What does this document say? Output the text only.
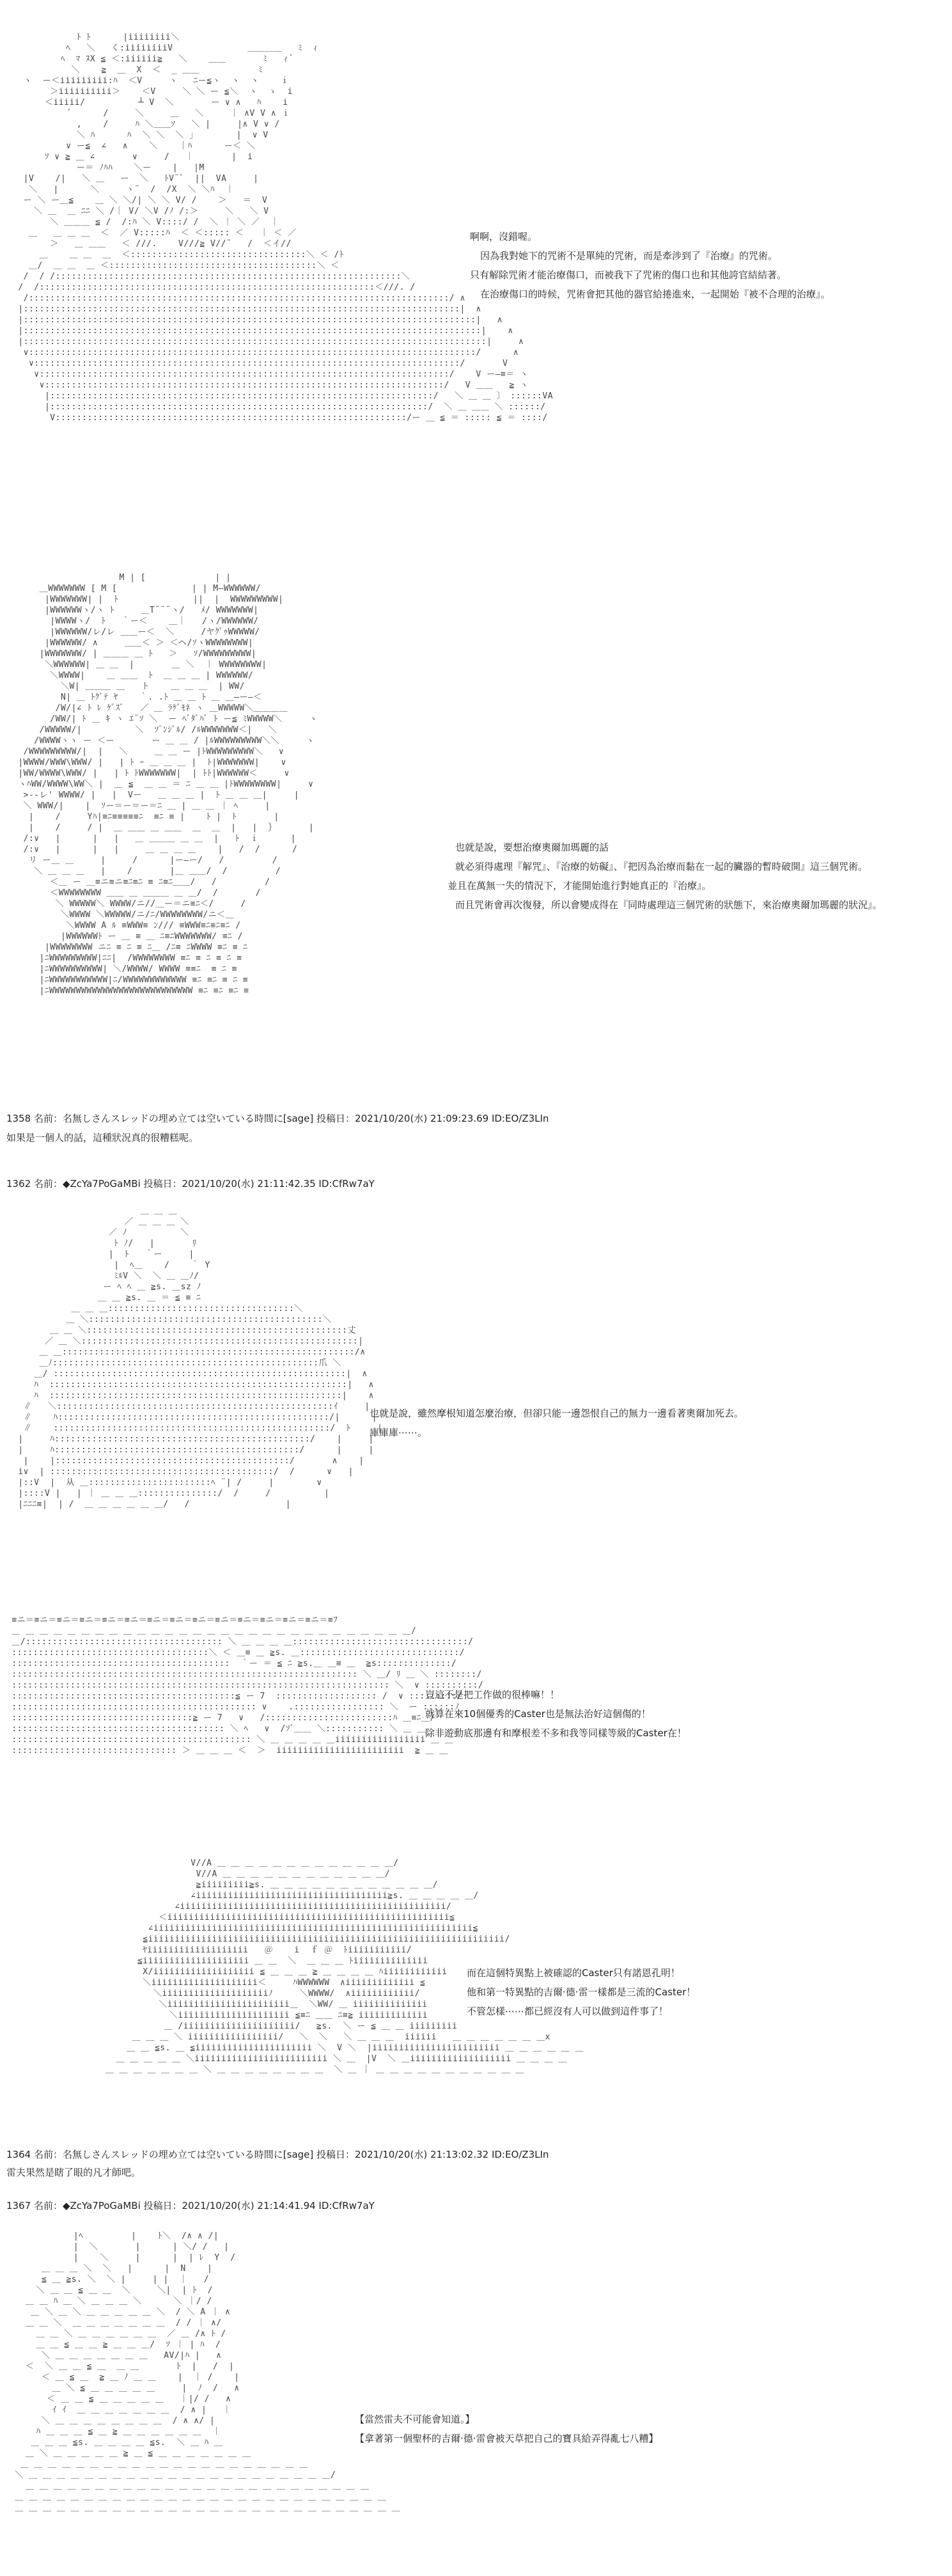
ﾄ ﾄ      |iiiiiiii＼
ﾍ   ＼   く:iiiiiiiiV              ＿＿＿＿   ﾐ  ｨ
ﾍ  ﾏ ﾇX ≦ ＜:iiiiii≧   ＼    ＿＿       ﾐ   ｨ´
＼    ≧  ＿  X  ＜  _ ＿＿           ﾐ
ヽ  ー＜iiiiiiiii:ﾊ  ＜V     ヽ   ﾆー≦ヽ  ヽ  ヽ    ｉ
＞iiiiiiiiii＞    ＜V     ＼ ＼ ー ≦＼  ヽ  ゝ  i
＜iiiii/          ┴ V  ＼       ー ∨ ∧   ﾊ    i
´      /     ＼     ＿   ＼     ｜ ∧V V ∧ ｉ
,    /     ﾊ ＼＿＿ｿ   ＼ |     |∧ V ∨ /
＼ ﾊ      ﾊ  ＼ ＼  ＼ ｣        |  ∨ V
∨ ー≦  ∠   ∧    ＼    ｜ﾊ      ー＜ ＼
ｿ ∨ ≧ ＿ ∠       ∨     /   ｜       |  i
ー＝ ﾉﾊﾊ    ＼ー    |   |M
|V    /|   ＼ ＿   ー  ＼   ﾄV¨ﾞ  ||  VA     |
＼   |      ＼     ヽ¨  /  /X  ＼ ＼ﾊ  ｜
ー ＼ ー＿≦    ＿ ＼ ＼/| ＼ ＼ V/ /    ＞   ＝  V
＼ ＿  ＿ ﾆﾆ ＼ /｜ V/ ＼V /ﾉ /:＞     ＼   ＼ V
＼ ＿＿＿ ≦ /  /:ﾊ ＼ V::::/ /  ＼ ｜ ＼ ／  ｜
＿   ＿ ＿ ＿  ＜  ／ V:::::ﾊ  ＜ ＜::::: ＜   ｜ ＜ ／
＞   ＿ ＿＿   ＜ ///.    V///≧ V//¨   /  ＜イ//
＿    ＿ ＿  ＿  ＜:::::::::::::::::::::::::::::::::＼ ＜ /ﾄ
＿/  ＿ ＿  ＿ ＜:::::::::::::::::::::::::::::::::::::::＼ ＜
/  / /:::::::::::::::::::::::::::::::::::::::::::::::::::::::::::::::::＼
/  /:::::::::::::::::::::::::::::::::::::::::::::::::::::::::::::::＜///. /
/:::::::::::::::::::::::::::::::::::::::::::::::::::::::::::::::::::::::::::::::/ ∧
|::::::::::::::::::::::::::::::::::::::::::::::::::::::::::::::::::::::::::::::::::|  ∧
|:::::::::::::::::::::::::::::::::::::::::::::::::::::::::::::::::::::::::::::::::::::|   ∧
|::::::::::::::::::::::::::::::::::::::::::::::::::::::::::::::::::::::::::::::::::::::|    ∧
|:::::::::::::::::::::::::::::::::::::::::::::::::::::::::::::::::::::::::::::::::::::::|     ∧
∨::::::::::::::::::::::::::::::::::::::::::::::::::::::::::::::::::::::::::::::::::::/      ∧
∨::::::::::::::::::::::::::::::::::::::::::::::::::::::::::::::::::::::::::::::::/       V
∨:::::::::::::::::::::::::::::::::::::::::::::::::::::::::::::::::::::::::::::/    V ー―≡＝ ヽ
∨:::::::::::::::::::::::::::::::::::::::::::::::::::::::::::::::::::::::::::/   V ＿＿   ≧ ヽ
|::::::::::::::::::::::::::::::::::::::::::::::::::::::::::::::::::::::::/   ＼ ＿ ＿ 〕 ::::::VA
|:::::::::::::::::::::::::::::::::::::::::::::::::::::::::::::::::::::::/  ＼ ＿ ＿＿ ＼ ::::::/
V::::::::::::::::::::::::::::::::::::::::::::::::::::::::::::::::::/ー ＿ ≦ ＝ ::::: ≦ ＝ ::::/
啊啊，沒錯喔。
因為我對她下的咒術不是單純的咒術，而是牽涉到了『治療』的咒術。
只有解除咒術才能治療傷口，而被我下了咒術的傷口也和其他誇官結結著。
在治療傷口的時候，咒術會把其他的器官給捲進來，一起開始『被不合理的治療』。
M | [             | |
＿WWWWWWW [ M [              | | M―WWWWWW/
|WWWWWWW| |  ﾄ              ||  |  WWWWWWWWW|
|WWWWWWヽ/ヽ ﾄ     ＿T¨¨¨ヽ/   ﾒ/ WWWWWWW|
|WWWWヽ/  ﾄ   ｀ー＜    ＿｜   /ヽ/WWWWWW/
|WWWWWW/レ/レ ＿＿ー＜  ＼     /ヤｸﾞｩWWWWW/
|WWWWWW/ ∧     ＿＿＜ ＞ ＜ヘ/ｿヽWWWWWWWW|
|WWWWWWW/ | ＿＿＿ ＿ ﾄ   ＞   ｿ/WWWWWWWWW|
＼WWWWWW| ＿ ＿  |       ＿ ＼  ｜ WWWWWWWW|
＼WWWW|    ＿ ＿＿  ﾄ  ＿ ＿ ＿ | WWWWWW/
＼W| ＿＿＿ ＿   ト    ＿ ＿ ＿  | WW/
N| ＿ ﾄｸﾞﾃ ﾔ    ｀. .ﾄ ＿ ＿ ﾄ ＿ ＿―ー―＜
/W/|∠ ﾄ ﾚ ｹﾞｽﾞ   ／ ＿ ﾗｹﾞﾓﾈ ヽ ＿WWWWW＼＿＿＿＿
/WW/| ﾄ ＿ ｷ ヽ ｴ¨ｿ ＼  ー ﾍﾞﾀﾞﾊﾞ ﾄ ー≦ ﾐWWWWW＼     ヽ
/WWWWW/|          ＼  ｿﾞﾝｼﾞﾙ/ /ﾙWWWWWWW＜|   ＼
/WWWWヽヽ ー ＜ー       ー ＿ ＿ / |ﾙWWWWWWWWW＼＼     ヽ
/WWWWWWWWW/|  |   ＼     ＿ ＿ ー |ﾄWWWWWWWWW＼   ∨
|WWWW/WWW\WWW/ |   | ﾄ ｰ ＿ ＿ ＿ |  ﾄ|WWWWWWW|    ∨
|WW/WWWW\WWW/ |   | ﾄ ﾄWWWWWWW|  | ﾄﾄ|WWWWWW＜     ∨
ヽﾊWW/WWWW\WW＼ |  ＿ ≦  ＿ ＿ ＝ ﾆ ＿ ＿ |ﾄWWWWWWWW|     ∨
>--レ' WWWW/ |   |  Vー   ＿ ＿ ＿ |  ﾄ ＿ ＿ ＿|     |
＼ WWW/|    |  ｿー＝ー＝ー＝ﾆ ＿ | ＿ ＿ ｜ ﾍ     |
|    /     Yﾊ|≡ﾆ≡≡≡≡≡ﾆ  ≡ﾆ ≡ |    ﾄ |  ﾄ       |
|    /     / |  ＿ ＿＿ ＿ ＿＿  ＿  ＿  |   |  ｝      |
/:∨   |      |   |   ＿ ＿＿＿ ＿ ＿  |   ﾄ  ｉ      |
/:∨   |      |   |     ＿ ＿ ＿ ＿    |   /  /      /
リ ー＿ ＿     |     /      |ー―ー/   /         /
＼ ＿ ＿ ＿   |    /       |＿ ＿＿/  /         /
＜＿ ー ＿≡ニ≡ニ≡ﾆ≡ﾆ ≡ ﾆ≡ﾆ＿＿/   /         /
＜WWWWWWWW ＿＿ ＿ ＿＿＿ ＿ ＿/  /       /
＼ WWWWW＼ WWWW/ニ//＿ー＝ニ≡ﾆ＜/     /
＼WWWW ＼WWWWW/ニ/ﾆ/WWWWWWWW/ニ＜＿
＼WWWW A ﾙ ≡WWW≡ ﾝ/// ≡WWW≡ﾆ≡ﾆ≡ﾆ /
|WWWWWWﾄ ー ＿ ≡ ＿ ﾆ≡ﾆWWWWWWW/ ≡ﾆ /
|WWWWWWWW ニﾆ ≡ ﾆ ≡ ﾆ＿ /ﾆ≡ ﾆWWWW ≡ﾆ ≡ ﾆ
|ﾆWWWWWWWWW|ﾆﾆ|  /WWWWWWWW ≡ﾆ ≡ ﾆ ≡ ﾆ ≡
|ﾆWWWWWWWWWW| ＼/WWWW/ WWWW ≡≡ﾆ  ≡ ﾆ ≡
|ﾆWWWWWWWWWWW|ﾆ/WWWWWWWWWWWW ≡ﾆ ≡ﾆ ≡ ﾆ ≡
|ﾆWWWWWWWWWWWWWWWWWWWWWWWWWWW ≡ﾆ ≡ﾆ ≡ﾆ ≡
也就是說，要想治療奧爾加瑪麗的話
就必須得處理『解咒』、『治療的妨礙』、『把因為治療而黏在一起的臟器的暫時破開』這三個咒術。
並且在萬無一失的情況下，才能開始進行對她真正的『治療』。
而且咒術會再次復發，所以會變成得在『同時處理這三個咒術的狀態下，來治療奧爾加瑪麗的狀況』。
1358 名前：名無しさんスレッドの埋め立ては空いている時間に[sage] 投稿日：2021/10/20(水) 21:09:23.69 ID:EO/Z3LIn
如果是一個人的話，這種狀況真的很糟糕呢。
1362 名前：◆ZcYa7PoGaMBi 投稿日：2021/10/20(水) 21:11:42.35 ID:CfRw7aY
＿ ＿ ＿
／ ＿ ＿ ＿ ＼
／ ﾉ          ＼
ﾄ ﾉ/   |       ﾘ
|  ﾄ   ｀ー     |
|  ﾍ＿    /    ｀ Y
ﾐﾙV ＼  ＼ ＿ ＿ﾉ/
ー ﾍ ﾍ ＿ ≧s. ＿sz ﾉ
＿ ＿ ≧s. ＿ ＝ ≦ ≡ ﾆ
＿ ＿ ＿:::::::::::::::::::::::::::::::::::＼
＿ ＼::::::::::::::::::::::::::::::::::::::::::::＼
＿ ＿ ＼:::::::::::::::::::::::::::::::::::::::::::::::::丈
／ ＿ ＼::::::::::::::::::::::::::::::::::::::::::::::::::::|
＿ ＿:::::::::::::::::::::::::::::::::::::::::::::::::::::::/∧
＿ﾉ::::::::::::::::::::::::::::::::::::::::::::::::::爪 ＼
＿/ :::::::::::::::::::::::::::::::::::::::::::::::::::::::|  ∧
ﾊ  ::::::::::::::::::::::::::::::::::::::::::::::::::::::::|   ∧
ﾊ  :::::::::::::::::::::::::::::::::::::::::::::::::::::::|    ∧
∥   ＼::::::::::::::::::::::::::::::::::::::::::::::::::::ｲ     |
∥    ﾊ:::::::::::::::::::::::::::::::::::::::::::::::::::/|      |
∥    ::::::::::::::::::::::::::::::::::::::::::::::::::::/  ﾄ     |
|     ﾊ::::::::::::::::::::::::::::::::::::::::::::::::/    |     |
|     ﾊ::::::::::::::::::::::::::::::::::::::::::::::/      |     |
|    |::::::::::::::::::::::::::::::::::::::::::::/       ∧    |
i∨  | ::::::::::::::::::::::::::::::::::::::::::/  /      ∨   |
|::V  |  从 ＿:::::::::::::::::::::::ﾍ ¨| /     |        ∨
|::::V |   | ｜ ＿ ＿ ＿:::::::::::::::/  /     /          |
|ﾆﾆﾆ≡|  | /  ＿ ＿ ＿ ＿ ＿ ＿/   /                  |
也就是說，雖然摩根知道怎麼治療，但卻只能一邊怨恨自己的無力一邊看著奧爾加死去。
庫庫庫⋯⋯。
≡ニ＝≡ニ＝≡ニ＝≡ニ＝≡ニ＝≡ニ＝≡ニ＝≡ニ＝≡ニ＝≡ニ＝≡ニ＝≡ニ＝≡ニ＝≡ニ＝≡ﾌ
＿ ＿ ＿ ＿ ＿ ＿ ＿ ＿ ＿ ＿ ＿ ＿ ＿ ＿ ＿ ＿ ＿ ＿ ＿ ＿ ＿ ＿ ＿ ＿ ＿ ＿ ＿ ＿ ＿/
＿/::::::::::::::::::::::::::::::::::::: ＼ ＿ ＿ ＿ ＿:::::::::::::::::::::::::::::::::/
:::::::::::::::::::::::::::::::::::::＼ ＜ ＿≡ ＿ ≧s. ＿::::::::::::::::::::::::::::::/
:::::::::::::::::::::::::::::::::::::::::  ｀ー ＝ ≦ ﾆ ≧s.＿ ＿≡ ＿  ≧s::::::::::::::/
::::::::::::::::::::::::::::::::::::::::::::::::::::::::::::::::: ＼ ＿/ ﾘ ＿ ＼ ::::::::/
::::::::::::::::::::::::::::::::::::::::::::::::::::::::::::::::::::::: ＼  ∨ ::::::::::/
::::::::::::::::::::::::::::::::::::::::::≦ ー 7  ::::::::::::::::::: /  ∨ :::::::::/
:::::::::::::::::::::::::::::::::::::::::::::: ∨    .::::::::::::::::: ＼  ー ::::::ﾉ
::::::::::::::::::::::::::::::::::≧ ー 7   ∨   /::::::::::::::::::::::::ﾊ ＿≡ﾆ＿/
:::::::::::::::::::::::::::::::::::::::: ＼ ﾍ   ∨  /ｿﾞ＿＿ ＼::::::::::: ＼ ＿ ＿
::::::::::::::::::::::::::::::::::::::::::::: ＼ ＿ ＿ ＿ ＿ ＿iiiiiiiiiiiiiiiii ＿ ＿
::::::::::::::::::::::::::::::: ＞ ＿ ＿ ＿ ＜  ＞  iiiiiiiiiiiiiiiiiiiiiiii  ≧ ＿ ＿
豈這不是把工作做的很棒嘛！！
就算在來10個優秀的Caster也是無法治好這個傷的！
除非遊動底那邊有和摩根差不多和我等同樣等級的Caster在！
V//A ＿ ＿ ＿ ＿ ＿ ＿ ＿ ＿ ＿ ＿ ＿ ＿ ＿/
V//A ＿ ＿ ＿ ＿ ＿ ＿ ＿ ＿ ＿ ＿ ＿ ＿/
≧iiiiiiiii≧s. ＿ ＿ ＿ ＿ ＿ ＿ ＿ ＿ ＿ ＿ ＿ ＿/
∠iiiiiiiiiiiiiiiiiiiiiiiiiiiiiiiiiiii≧s. ＿ ＿ ＿ ＿ ＿/
∠iiiiiiiiiiiiiiiiiiiiiiiiiiiiiiiiiiiiiiiiiiiiiiiiii/
＜iiiiiiiiiiiiiiiiiiiiiiiiiiiiiiiiiiiiiiiiiiiiiiiiiiiii≦
∠iiiiiiiiiiiiiiiiiiiiiiiiiiiiiiiiiiiiiiiiiiiiiiiiiiiiiiiiiiii≦
≦iiiiiiiiiiiiiiiiiiiiiiiiiiiiiiiiiiiiiiiiiiiiiiiiiiiiiiiiiiiiiiiiiii/
ﾔiiiiiiiiiiiiiiiiiii   ＠    i  ｆ ＠  ﾄiiiiiiiiiii/
≦iiiiiiiiiiiiiiiiiiii ＿ ＿  ＼  ＿ ＿ ＿ ﾄiiiiiiiiiiiiii
X/iiiiiiiiiiiiiiiiiii ≦ ＿ ＿ ＿ ≧ ＿ ＿ ＿ ＿ ﾊiiiiiiiiiiii
＼iiiiiiiiiiiiiiiiiiii＜     ﾊWWWWWW  ∧iiiiiiiiiiiii ≦
＼iiiiiiiiiiiiiiiiiiiiﾉ     ＼WWWW/  ∧iiiiiiiiiiii/
＼iiiiiiiiiiiiiiiiiiiiiii＿  ＼WW/ ＿ iiiiiiiiiiiiii
＼iiiiiiiiiiiiiiiiiiiii ≦≡ﾆ ＿＿ ﾆ≡≧ iiiiiiiiiiiii
＿ /iiiiiiiiiiiiiiiiiiiii/   ≧s.  ＼ ー ≦ ＿ ＿ iiiiiiiii
＿ ＿ ＿ ＼ iiiiiiiiiiiiiiiii/   ＼  ＼   ＼ ＿ ＿ ＿  iiiiii   ＿ ＿ ＿ ＿ ＿ ＿ ＿x
＿ ＿ ≦s. ＿ ≦iiiiiiiiiiiiiiiiiiiiii ＼  V ＼  |iiiiiiiiiiiiiiiiiiiiiiii ＿ ＿ ＿ ＿ ＿ ＿
＿ ＿ ＿ ＿ ＿ ＼iiiiiiiiiiiiiiiiiiiiiiiii ＼ ＿  |V  ＼ ＿iiiiiiiiiiiiiiiiiii ＿ ＿ ＿ ＿
＿ ＿ ＿ ＿ ＿ ＿ ＿ ＼ ＿ ＿ ＿ ＿ ＿ ＿ ＿ ＿  ＼ ＿ ｜ ＿ ＿ ＿ ＿ ＿ ＿ ＿ ＿ ＿ ＿ ＿
而在這個特異點上被確認的Caster只有諾恩孔明！
他和第一特異點的吉爾·德·雷一樣都是三流的Caster！
不管怎樣⋯⋯都已經沒有人可以做到這件事了！
1364 名前：名無しさんスレッドの埋め立ては空いている時間に[sage] 投稿日：2021/10/20(水) 21:13:02.32 ID:EO/Z3LIn
雷夫果然是瞎了眼的凡才師吧。
1367 名前：◆ZcYa7PoGaMBi 投稿日：2021/10/20(水) 21:14:41.94 ID:CfRw7aY
|ﾍ         |    ﾄ＼  /∧ ∧ /|
|  ＼       |      | ＼/ /   |
|    ＼     |      |  | ﾚ  Y  /
＿ ＿ ＿ ＼  ＼   |      |  N    |
≦ ＿ ≧s. ＼  ＼ |     | |  ｜   /
＼ ＿ ＿ ≦ ＿ ＿  ＼     ＼|  | ﾄ  /
＿ ＿ ﾊ ＿ ＼ ＿ ＿ ＿ ＼      ＼ ｜/ /
＿ ＼ ＿ ＼ ＿ ＿ ＿ ＿ ＿ ＼  / ＼ A ｜ ∧
＿ ＿ ＼  ＿ ＿ ＿ ＿ ＿ ＿ ＿  / / ｜ ∧/
＿ ＿ ＼ ＿ ＿ ＿ ＿ ＿ ＿  ／ ＿ /∧ ﾄ /
＿ ＿ ≦ ＿ ＿ ≧ ＿ ＿ ＿/  ｿ ｜ | ﾊ  /
＼ ＿ ＿ ＿ ＿ ＿ ＿ ＿   AV/|ﾊ |   ∧
＜  ＼ ＿ ＿ ≦ ＿  ＿ ＿       ﾄ  |   /  |
＜ ＿ ≦ ＿  ≧ ＿ ﾉ ＿ ＿    |  ｜ /    |
＿ ＼ ≦ ＿ ＿ ＿ ＿ ＿     |  ﾉ  /   ∧
＜ ＿ ＿ ≦ ＿ ＿ ＿ ＿ ＿   ｜|/ /   ∧
ｲ ｲ  ＿ ＿ ＿ ＿ ＿ ＿ ＿  / ∧ |   ｜
＼ ＿ ＿ ＿ ＿ ＿ ＿ ＿ ＿  / ∧ ∧/ |
ﾊ ＿ ＿ ＿ ≦ ＿ ≧ ＿ ＿ ＿ ＿ ＿ ＿  ｜
＿ ＿ ＿ ≦s. ＿ ＿ ＿ ＿ ≦s.  ＼ ＿ ﾊ ＿
＿ ＼ ＿ ＿ ＿ ＿ ＿ ≧ ＿ ≦ ＿ ＿ ＿ ＿ ＿ ＿ ＿
＿ ＿ ＿ ＿ ＿ ＿ ＿ ＿ ＿ ＿ ＿ ＿ ＿ ＿ ＿ ＿ ＿ ＿ ＿ ＿ ＿
＼ ＿ ＿ ＿ ＿ ＿ ＿ ＿ ＿ ＿ ＿ ＿ ＿ ＿ ＿ ＿ ＿ ＿ ＿ ＿ ＿ ＿ ＿/
＿ ＿ ＿ ＿ ＿ ＿ ＿ ＿ ＿ ＿ ＿ ＿ ＿ ＿ ＿ ＿ ＿ ＿ ＿ ＿ ＿ ＿ ＿ ＿ ＿
＿ ＿ ＿ ＿ ＿ ＿ ＿ ＿ ＿ ＿ ＿ ＿ ＿ ＿ ＿ ＿ ＿ ＿ ＿ ＿ ＿ ＿ ＿ ＿ ＿ ＿ ＿
＿ ＿ ＿ ＿ ＿ ＿ ＿ ＿ ＿ ＿ ＿ ＿ ＿ ＿ ＿ ＿ ＿ ＿ ＿ ＿ ＿ ＿ ＿ ＿ ＿ ＿ ＿ ＿
【當然雷夫不可能會知道。】
【拿著第一個聖杯的吉爾·德·雷會被天草把自己的寶具給弄得亂七八糟】
